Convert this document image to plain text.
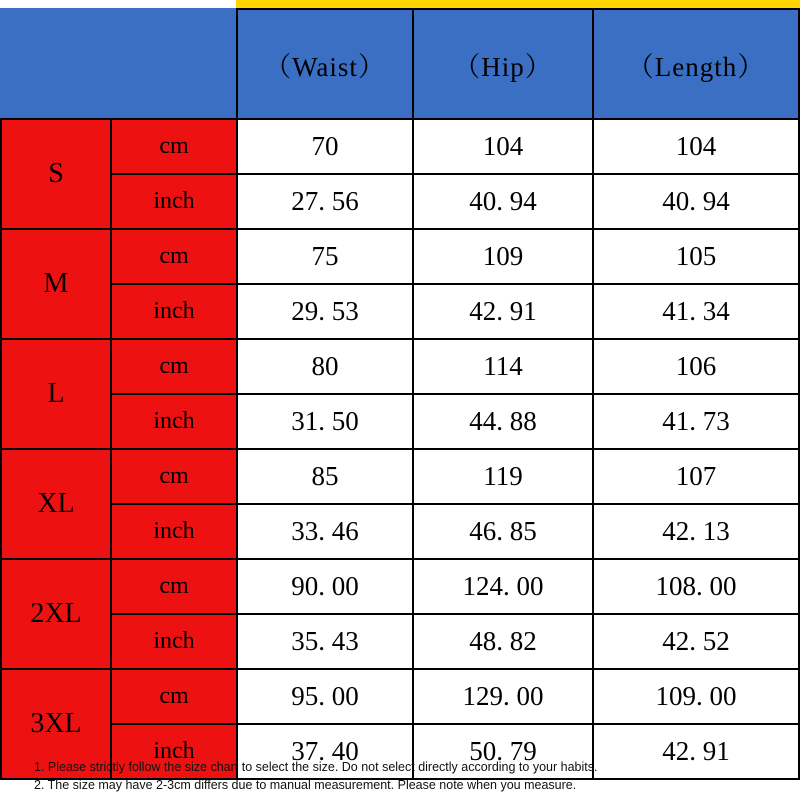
		（Waist）	（Hip）	（Length）
S	cm	70	104	104
	inch	27. 56	40. 94	40. 94
M	cm	75	109	105
	inch	29. 53	42. 91	41. 34
L	cm	80	114	106
	inch	31. 50	44. 88	41. 73
XL	cm	85	119	107
	inch	33. 46	46. 85	42. 13
2XL	cm	90. 00	124. 00	108. 00
	inch	35. 43	48. 82	42. 52
3XL	cm	95. 00	129. 00	109. 00
	inch	37. 40	50. 79	42. 91
NOTE:
1. Please strictly follow the size chart to select the size. Do not select directly according to your habits.
2. The size may have 2-3cm differs due to manual measurement. Please note when you measure.
